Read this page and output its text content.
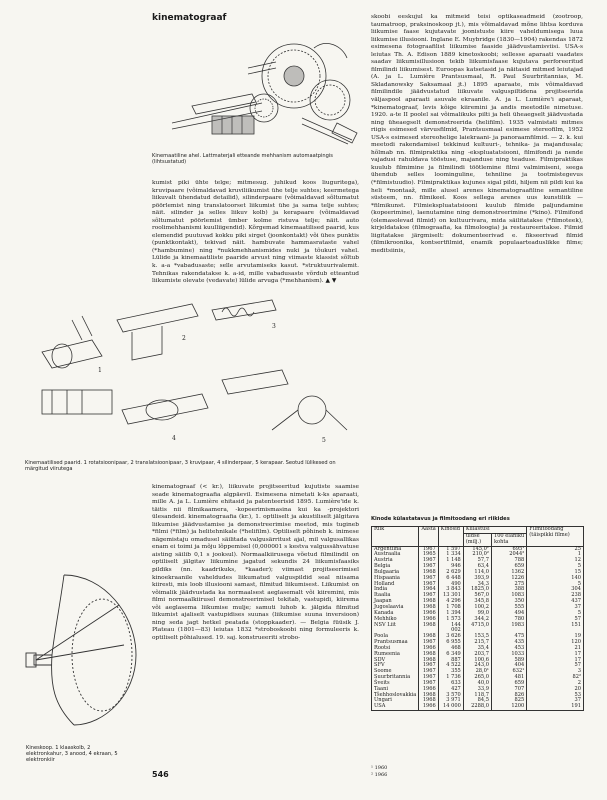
kinematograaf
Kinemaatiline ahel. Lattmaterjali etteande mehhanism automaatpingis (lihtsustatud)

kumist piki ühte telge; mitmesug. juhikud koos liuguritega), kruvipaare (võimaldavad kruviliikumist ühe telje suhtes; keermetega liikuvalt ühendatud detailid), silinderpaare (võimaldavad sõltumatut pöörlemist ning translatoorset liikumist ühe ja sama telje suhtes; näit. silinder ja selles liikuv kolb) ja kerapaare (võimaldavad sõltumatut pöörlemist ümber kolme ristuva telje; näit. auto roolimehhanismi kuulliigendid). Kõrgemad kinemaatilised paarid, kus elemendid puutuvad kokku piki sirget (joonkontakt) või ühes punktis (punktkontakt), tekivad näit. hambuvate hammasrataste vahel (*hambumine) ning *nukkmehhanismides nuki ja tõukuri vahel. Lülide ja kinemaatiliste paaride arvust ning viimaste klassist sõltub k. a-a *vabadusaste; selle arvutamiseks kasut. *struktuurivalemit. Tehnikas rakendatakse k. a-id, mille vabadusaste võrdub etteantud liikumiste olevate (vedavate) lülide arvuga (*mehhanism). ▲ ▼

1
2
3
4	5
Kinemaatilised paarid. 1 rotatsioonipaar, 2 translatsioonipaar, 3 kruvipaar, 4 silinderpaar, 5 kerapaar. Seotud lülikesed on märgitud viirutega

kinematograaf (< kr.), liikuvate projitseeritud kujutiste saamise seade kinematograafia algpäevil. Esimesena nimetati k-ks aparaati, mille A. ja L. Lumière ehitasid ja patenteerisid 1895. Lumière'ide k. täitis nii filmikaamera, -kopeerimismasina kui ka -projektori ülesandeid. kinematograafia (kr.), 1. optiliselt ja akustiliselt jälgitava liikumise jäädvustamise ja demonstreerimise meetod, mis tugineb *filmi (*film) ja helitehnikale (*helifilm). Optiliselt põhineb k. inimese nägemistaju omadusel säilitada valgusärritust ajal, mil valgusallikas enam ei toimi ja mõju lõppemisel (0,000001 s kestva valgussähvatuse aisting säilib 0,1 s jooksul). Normaalkiirusega võetud filmilindil on optiliselt jälgitav liikumine jagatud sekundis 24 liikumisfaasiks pildiks (nn. kaadrikuks, *kaader); viimast projitseerimisel kinoekraanile vaheldudes liikumatud valguspildid seal niisama kiiresti, mis loob illusiooni samast, filmitud liikumisest. Liikumist on võimalik jäädvustada ka normaalsest aeglasemalt või kiiremini, mis filmi normaalkiirusel demonstreerimisel tekitab, vastupidi, kiirema või aeglasema liikumise mulje; samuti luhob k. jälgida filmitud liikumist ajaliselt vastupidises suunas (liikumise suuna inversioon) ning seda jagt hetkel peatada (stoppkaader). — Belgia füüsik J. Plateau (1801—83) leiutas 1832 *stroboskoobi ning formuleeris k. optiliselt põhialused. 19. saj. konstrueeriti strobo-

Kineskoop. 1 klaaskolb, 2 elektronkahur, 3 anood, 4 ekraan, 5 elektronkiir
546

skoobi eeskujul ka mitmeid teisi optikaseadmeid (zootroop, taumatroop, praksinoskoop jt.), mis võimaldavad mõne lihtsa korduva liikumise faase kujutavate joonistuste kiire vaheldumisega luua liikumise illusiooni. Inglane E. Muybridge (1830—1904) rakendas 1872 esimesena fotograafilist liikumise faaside jäädvustamisviisi. USA-s leiutas Th. A. Edison 1889 kinetoskoobi; sellesse aparaati vaadates saadav liikumisillusioon tekib liikumisfaase kujutava perforeeritud filmilindi liikumisest. Euroopas katsetasid ja näitasid mitmed leiutajad (A. ja L. Lumière Prantsusmaal, R. Paul Suurbritannias, M. Skladanowsky Saksamaal jt.) 1895 aparaate, mis võimaldavad filmilindile jäädvustatud liikuvate valguspiltidena projitseerida väljaspool aparaati asuvale ekraanile. A. ja L. Lumière'i aparaat, *kinematograaf, levis kõige kiiremini ja andis meetodile nimetuse. 1920. a-te II poolel sai võimalikuks pilti ja heli üheaegselt jäädvustada ning üheaegselt demonstreerida (helifilm). 1935 valmistati mitmes riigis esimesed värvusfilmid, Prantsusmaal esimese stereofilm, 1952 USA-s esimesed stereohelige laiekraani- ja panoraamfilmid. — 2. k. kui meetodi rakendamisel tekkinud kultuuri-, tehnika- ja majandusala; hõlmab nn. filmipraktika ning -ekspluatatsiooni, filmifondi ja nende vajadusi rahuldava tööstuse, majanduse ning teaduse. Filmipraktikas kuulub filmimine ja filmilindi töötlemine filmi valmimiseni, seega ühendub selles loominguline, tehniline ja tootmistegevus (*filmistuudio). Filmipraktikas kujunes sigal pildi, hiljem nii pildi kui ka heli *montaaž, mille alusel arenes kinematograafiline semantiline süsteem, nn. filmikeel. Koos sellega arenes uus kunstiliik — *filmikunst. Filmiekspluatatsiooni kuulub filmide paljundamine (kopeerimine), laenutamine ning demonstreerimine (*kino). Filmifond (olemasolevad filmid) on kultuurivara, mida säilitatakse (*filmoteek), kirjeldatakse (filmograafia, ka filmoloogia) ja restaureeritakse. Filmid liigitatakse järgmiselt: dokumenteerivad e. fikseerivad filmid (filmikroonika, kontsertfilmid, enamik populaarteaduslikke filme; meditsiinis,

Kinode külastatavus ja filmitoodang eri riikides
Riik	Aasta	Kinosid	Külastusi		Filmitoodang (täispikki filme)
			üldse (milj.)	100 elaniku kohta	
Argentiina	1967	1 597	145,0¹	695¹	25
Austraalia	1965	1 334	210,0²	2044²	1
Austria	1967	1 148	57,7	788	12
Belgia	1967	946	63,4	659	5
Bulgaaria	1968	2 629	114,0	1362	15
Hispaania	1967	6 448	393,9	1226	140
Holland	1967	490	34,3	275	5
India	1964	3 843	1825,0	388	304
Itaalia	1967	13 301	567,0	1083	238
Jaapan	1968	4 296	345,8	350	437
Jugoslaavia	1968	1 708	100,2	555	37
Kanada	1966	1 394	99,0	494	5
Mehhiko	1966	1 573	344,2	780	57
NSV Liit	1968	144 002	4715,0	1983	151
Poola	1968	3 626	153,5	475	19
Prantsusmaa	1967	6 955	215,7	435	120
Rootsi	1966	468	35,4	453	21
Rumeenia	1968	6 349	203,7	1033	17
SDV	1968	887	100,6	589	17
SFV	1967	4 522	243,0	404	57
Soome	1967	355	28,0¹	632¹	3
Suurbritannia	1967	1 736	265,0	481	82²
Šveits	1967	633	40,0	659	2
Taani	1966	427	33,9	707	20
Tšehhoslovakkia	1968	3 570	118,7	826	53
Ungari	1968	3 971	84,5	825	37
USA	1966	14 000	2288,0	1200	191
¹ 1960
² 1966
